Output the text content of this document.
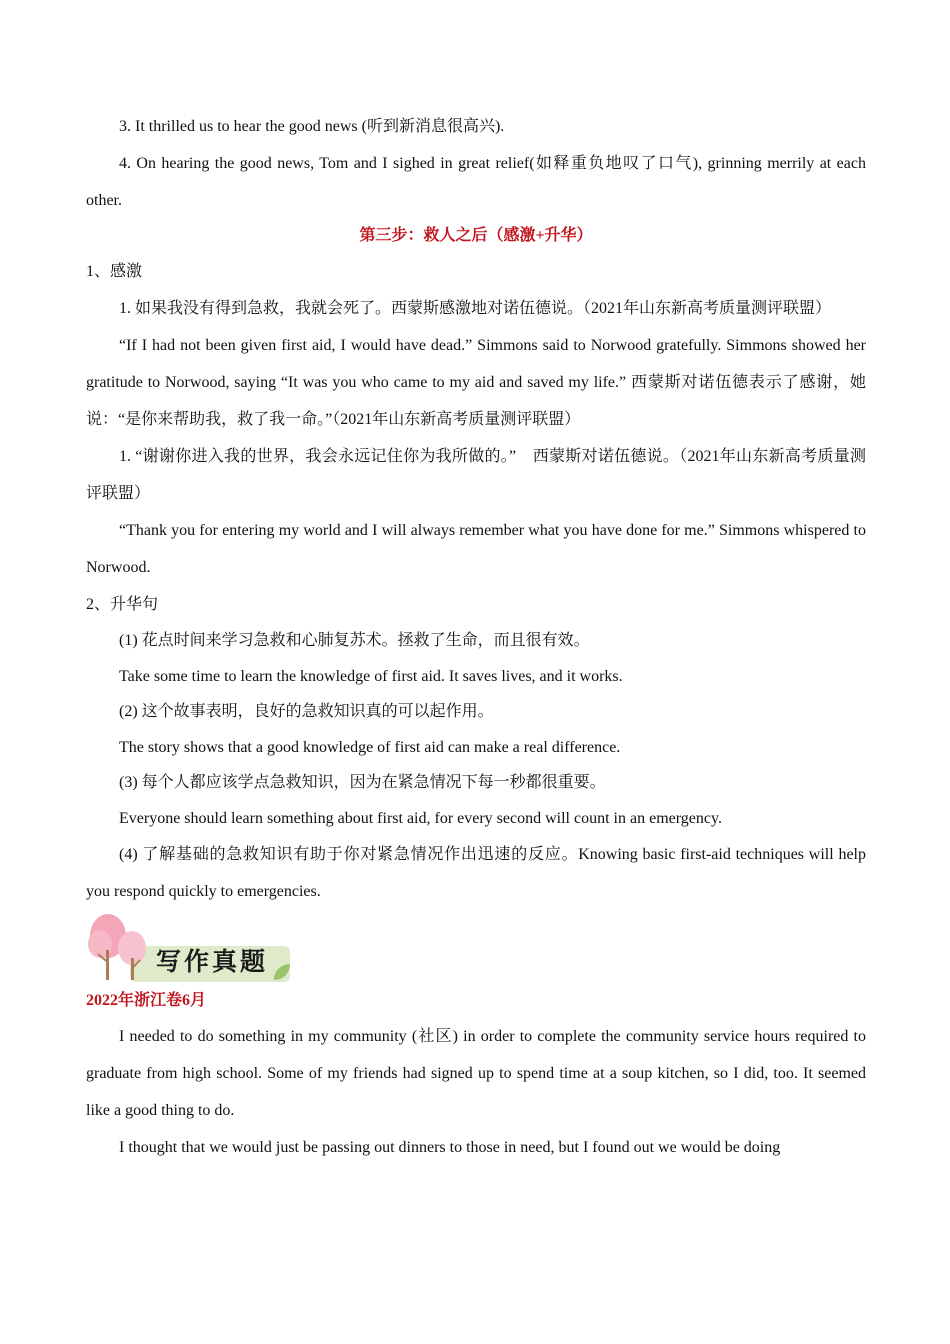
3. It thrilled us to hear the good news (听到新消息很高兴).
4. On hearing the good news, Tom and I sighed in great relief(如释重负地叹了口气), grinning merrily at each other.
第三步：救人之后（感激+升华）
1、感激
1. 如果我没有得到急救，我就会死了。西蒙斯感激地对诺伍德说。（2021年山东新高考质量测评联盟）
“If I had not been given first aid, I would have dead.” Simmons said to Norwood gratefully. Simmons showed her gratitude to Norwood, saying “It was you who came to my aid and saved my life.” 西蒙斯对诺伍德表示了感谢，她说：“是你来帮助我，救了我一命。”（2021年山东新高考质量测评联盟）
1. “谢谢你进入我的世界，我会永远记住你为我所做的。”　西蒙斯对诺伍德说。（2021年山东新高考质量测评联盟）
“Thank you for entering my world and I will always remember what you have done for me.” Simmons whispered to Norwood.
2、升华句
(1) 花点时间来学习急救和心肺复苏术。拯救了生命，而且很有效。
Take some time to learn the knowledge of first aid. It saves lives, and it works.
(2) 这个故事表明，良好的急救知识真的可以起作用。
The story shows that a good knowledge of first aid can make a real difference.
(3) 每个人都应该学点急救知识，因为在紧急情况下每一秒都很重要。
Everyone should learn something about first aid, for every second will count in an emergency.
(4) 了解基础的急救知识有助于你对紧急情况作出迅速的反应。Knowing basic first-aid techniques will help you respond quickly to emergencies.
写作真题
2022年浙江卷6月
I needed to do something in my community (社区) in order to complete the community service hours required to graduate from high school. Some of my friends had signed up to spend time at a soup kitchen, so I did, too. It seemed like a good thing to do.
I thought that we would just be passing out dinners to those in need, but I found out we would be doing
